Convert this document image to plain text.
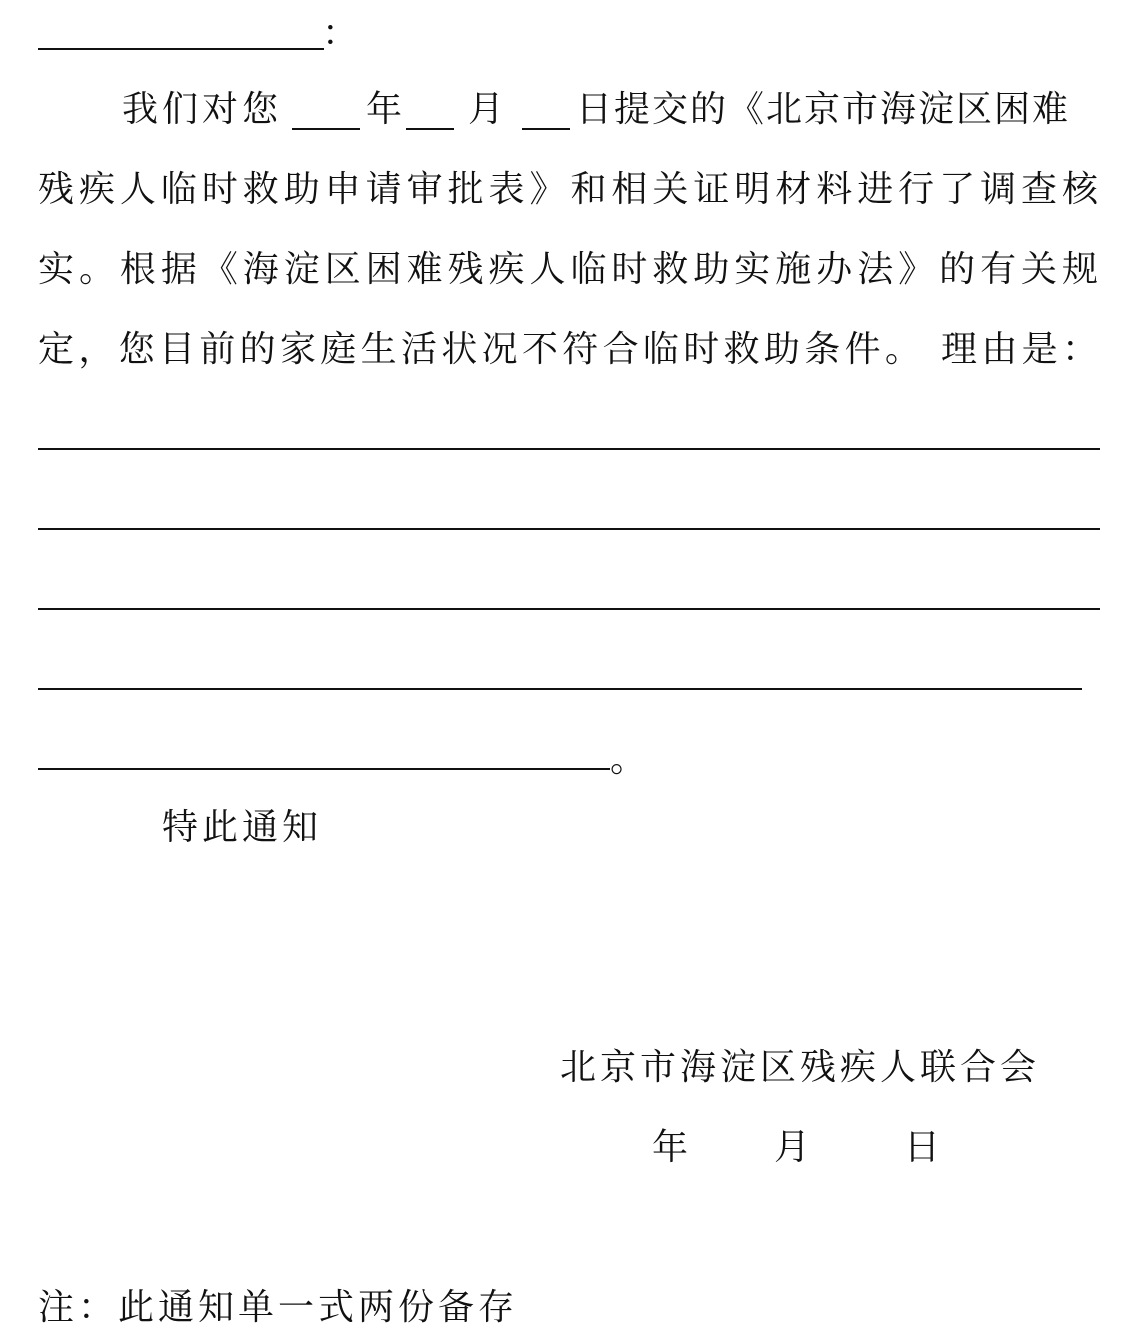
：
我们对您 年 月 日提交的《北京市海淀区困难
残疾人临时救助申请审批表》和相关证明材料进行了调查核
实。根据《海淀区困难残疾人临时救助实施办法》的有关规
定，您目前的家庭生活状况不符合临时救助条件。 理由是：
。
特此通知
北京市海淀区残疾人联合会
年 月 日
注：此通知单一式两份备存
